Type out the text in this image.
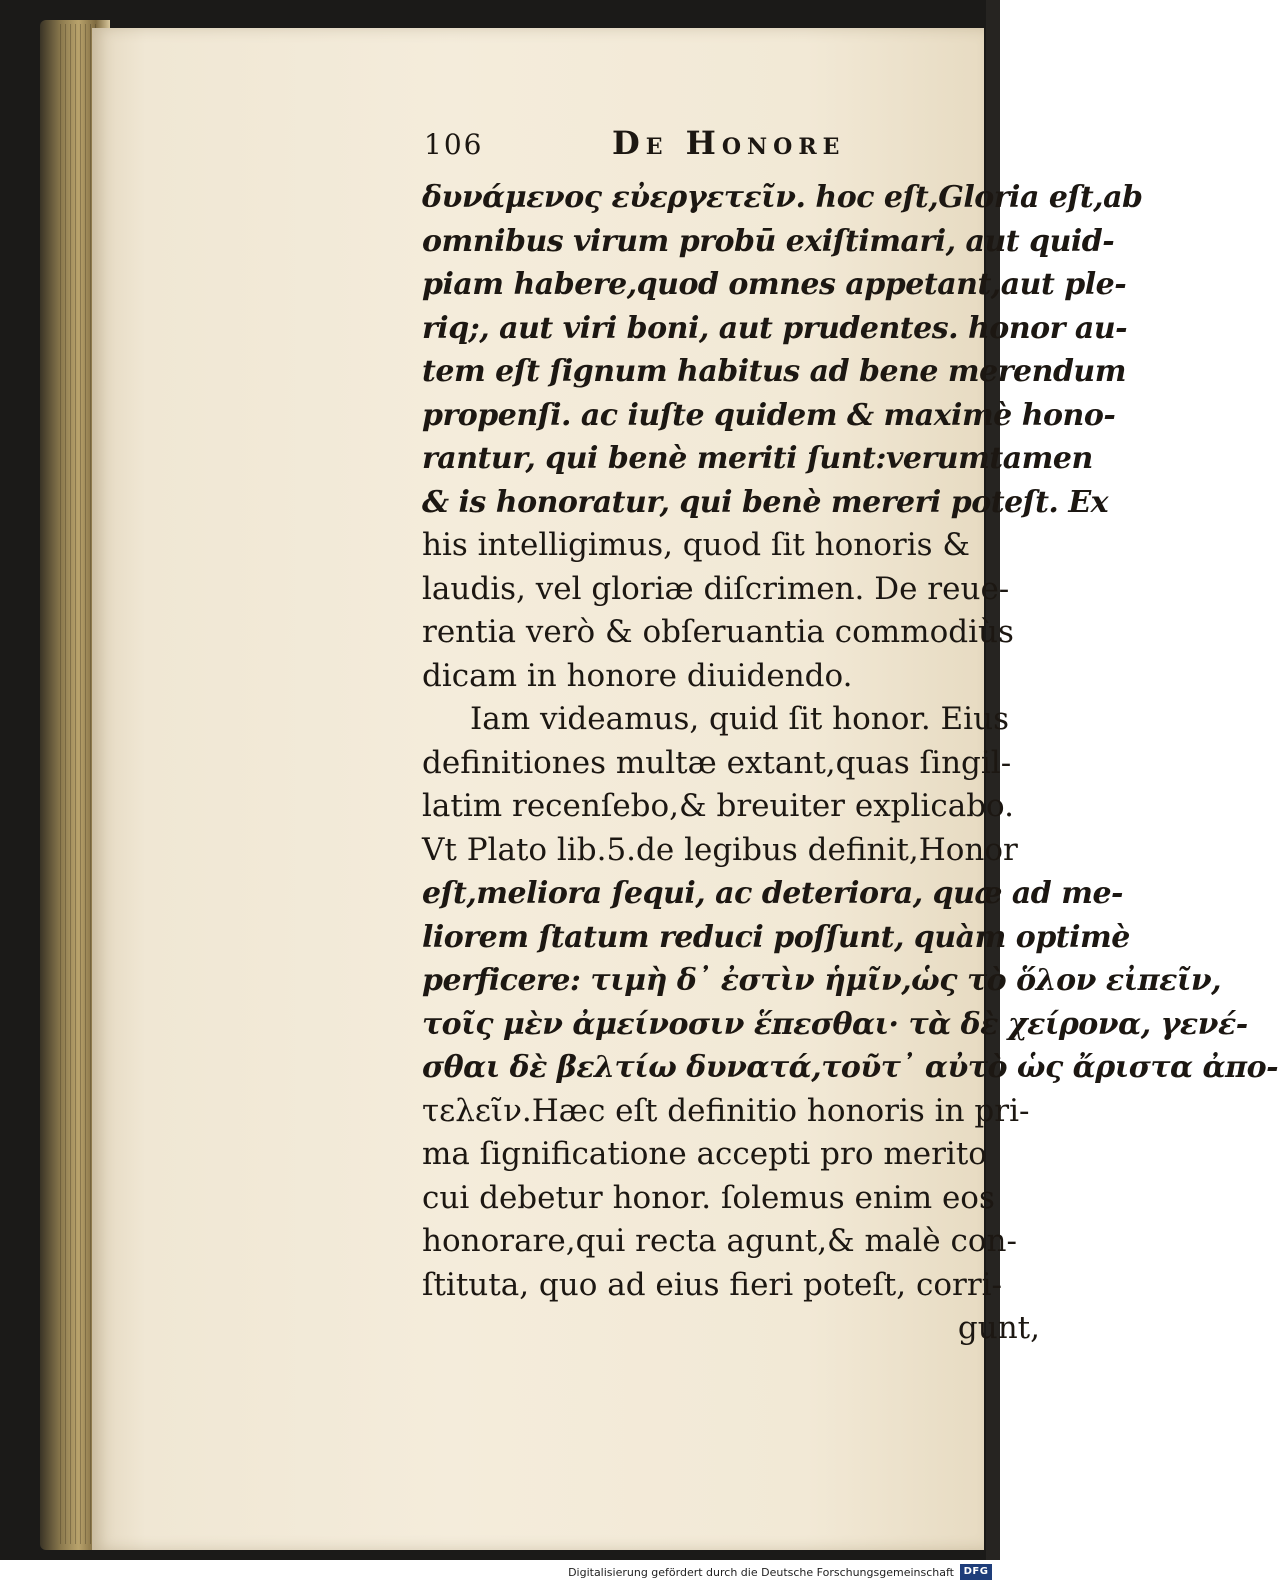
106	De Honore
δυνάμενος εὐεργετεῖν. hoc eſt,Gloria eſt,ab
omnibus virum probū exiſtimari, aut quid-
piam habere,quod omnes appetant,aut ple-
riq;, aut viri boni, aut prudentes. honor au-
tem eſt ſignum habitus ad bene merendum
propenſi. ac iuſte quidem & maximè hono-
rantur, qui benè meriti ſunt:verumtamen
& is honoratur, qui benè mereri poteſt. Ex
his intelligimus, quod ſit honoris &
laudis, vel gloriæ diſcrimen. De reue-
rentia verò & obſeruantia commodiùs
dicam in honore diuidendo.
Iam videamus, quid ſit honor. Eius
definitiones multæ extant,quas ſingil-
latim recenſebo,& breuiter explicabo.
Vt Plato lib.5.de legibus definit,Honor
eſt,meliora ſequi, ac deteriora, quæ ad me-
liorem ſtatum reduci poſſunt, quàm optimè
perficere: τιμὴ δ᾽ ἐστὶν ἡμῖν,ὡς τὸ ὅλον εἰπεῖν,
τοῖς μὲν ἀμείνοσιν ἕπεσθαι· τὰ δὲ χείρονα, γενέ-
σθαι δὲ βελτίω δυνατά,τοῦτ᾽ αὐτὸ ὡς ἄριστα ἀπο-
τελεῖν.Hæc eſt definitio honoris in pri-
ma ſignificatione accepti pro merito
cui debetur honor. ſolemus enim eos
honorare,qui recta agunt,& malè con-
ſtituta, quo ad eius fieri poteſt, corri-
gunt,
Digitalisierung gefördert durch die Deutsche Forschungsgemeinschaft DFG
